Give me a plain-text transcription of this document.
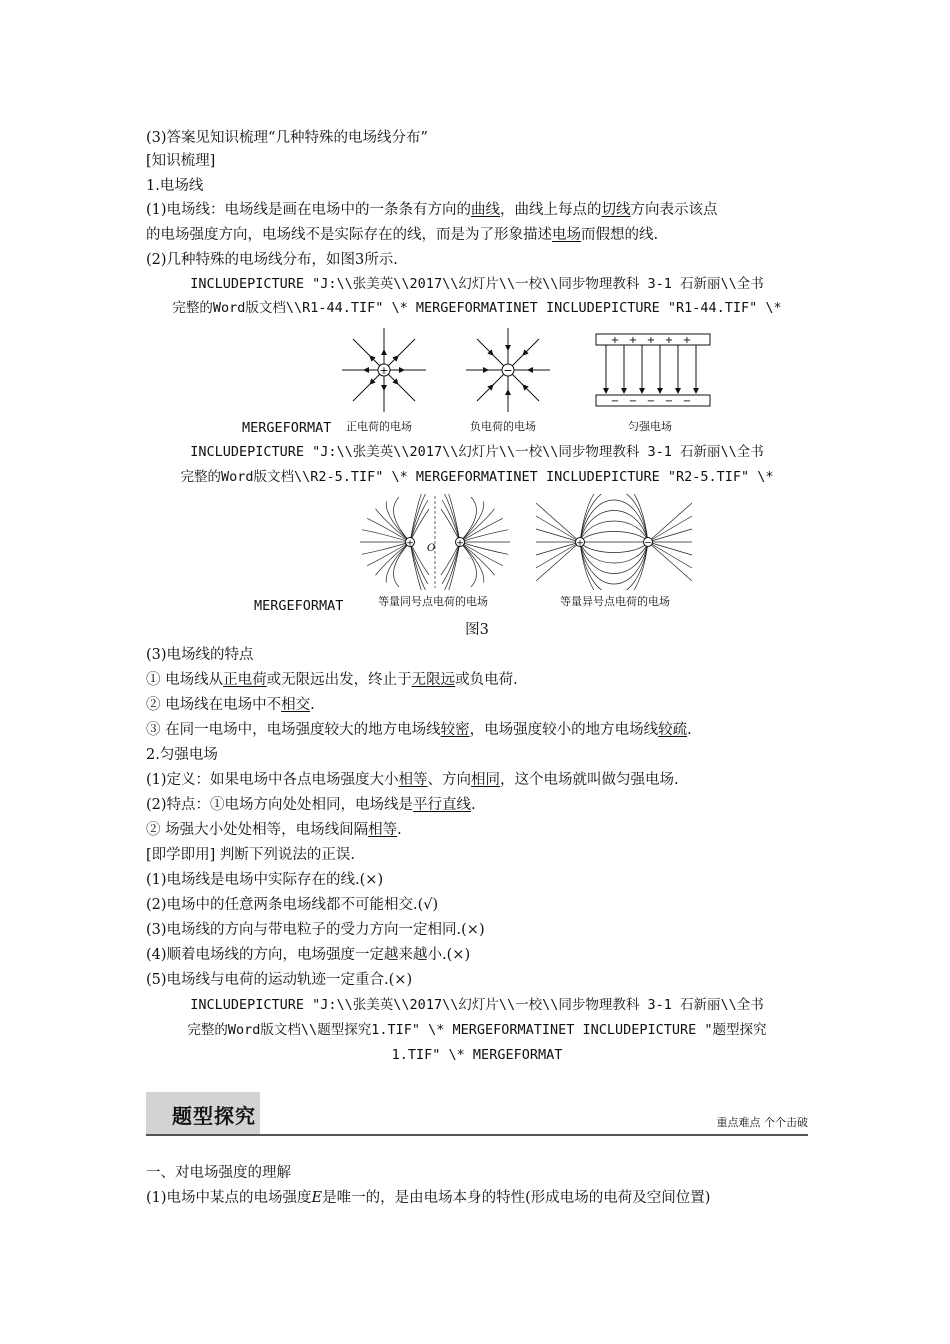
(3)答案见知识梳理“几种特殊的电场线分布”
[知识梳理]
1.电场线
(1)电场线：电场线是画在电场中的一条条有方向的曲线，曲线上每点的切线方向表示该点
的电场强度方向，电场线不是实际存在的线，而是为了形象描述电场而假想的线.
(2)几种特殊的电场线分布，如图3所示.
INCLUDEPICTURE "J:\\张美英\\2017\\幻灯片\\一校\\同步物理教科 3-1 石新丽\\全书
完整的Word版文档\\R1-44.TIF" \* MERGEFORMATINET INCLUDEPICTURE "R1-44.TIF" \*
MERGEFORMAT
+
正电荷的电场
−
负电荷的电场
+ + + + +
− − − − −
匀强电场
INCLUDEPICTURE "J:\\张美英\\2017\\幻灯片\\一校\\同步物理教科 3-1 石新丽\\全书
完整的Word版文档\\R2-5.TIF" \* MERGEFORMATINET INCLUDEPICTURE "R2-5.TIF" \*
MERGEFORMAT
+	+
O
等量同号点电荷的电场
+	−
等量异号点电荷的电场
图3
(3)电场线的特点
① 电场线从正电荷或无限远出发，终止于无限远或负电荷.
② 电场线在电场中不相交.
③ 在同一电场中，电场强度较大的地方电场线较密，电场强度较小的地方电场线较疏.
2.匀强电场
(1)定义：如果电场中各点电场强度大小相等、方向相同，这个电场就叫做匀强电场.
(2)特点：①电场方向处处相同，电场线是平行直线.
② 场强大小处处相等，电场线间隔相等.
[即学即用] 判断下列说法的正误.
(1)电场线是电场中实际存在的线.(×)
(2)电场中的任意两条电场线都不可能相交.(√)
(3)电场线的方向与带电粒子的受力方向一定相同.(×)
(4)顺着电场线的方向，电场强度一定越来越小.(×)
(5)电场线与电荷的运动轨迹一定重合.(×)
INCLUDEPICTURE "J:\\张美英\\2017\\幻灯片\\一校\\同步物理教科 3-1 石新丽\\全书
完整的Word版文档\\题型探究1.TIF" \* MERGEFORMATINET INCLUDEPICTURE "题型探究
1.TIF" \* MERGEFORMAT
题型探究	重点难点 个个击破
一、对电场强度的理解
(1)电场中某点的电场强度E是唯一的，是由电场本身的特性(形成电场的电荷及空间位置)
